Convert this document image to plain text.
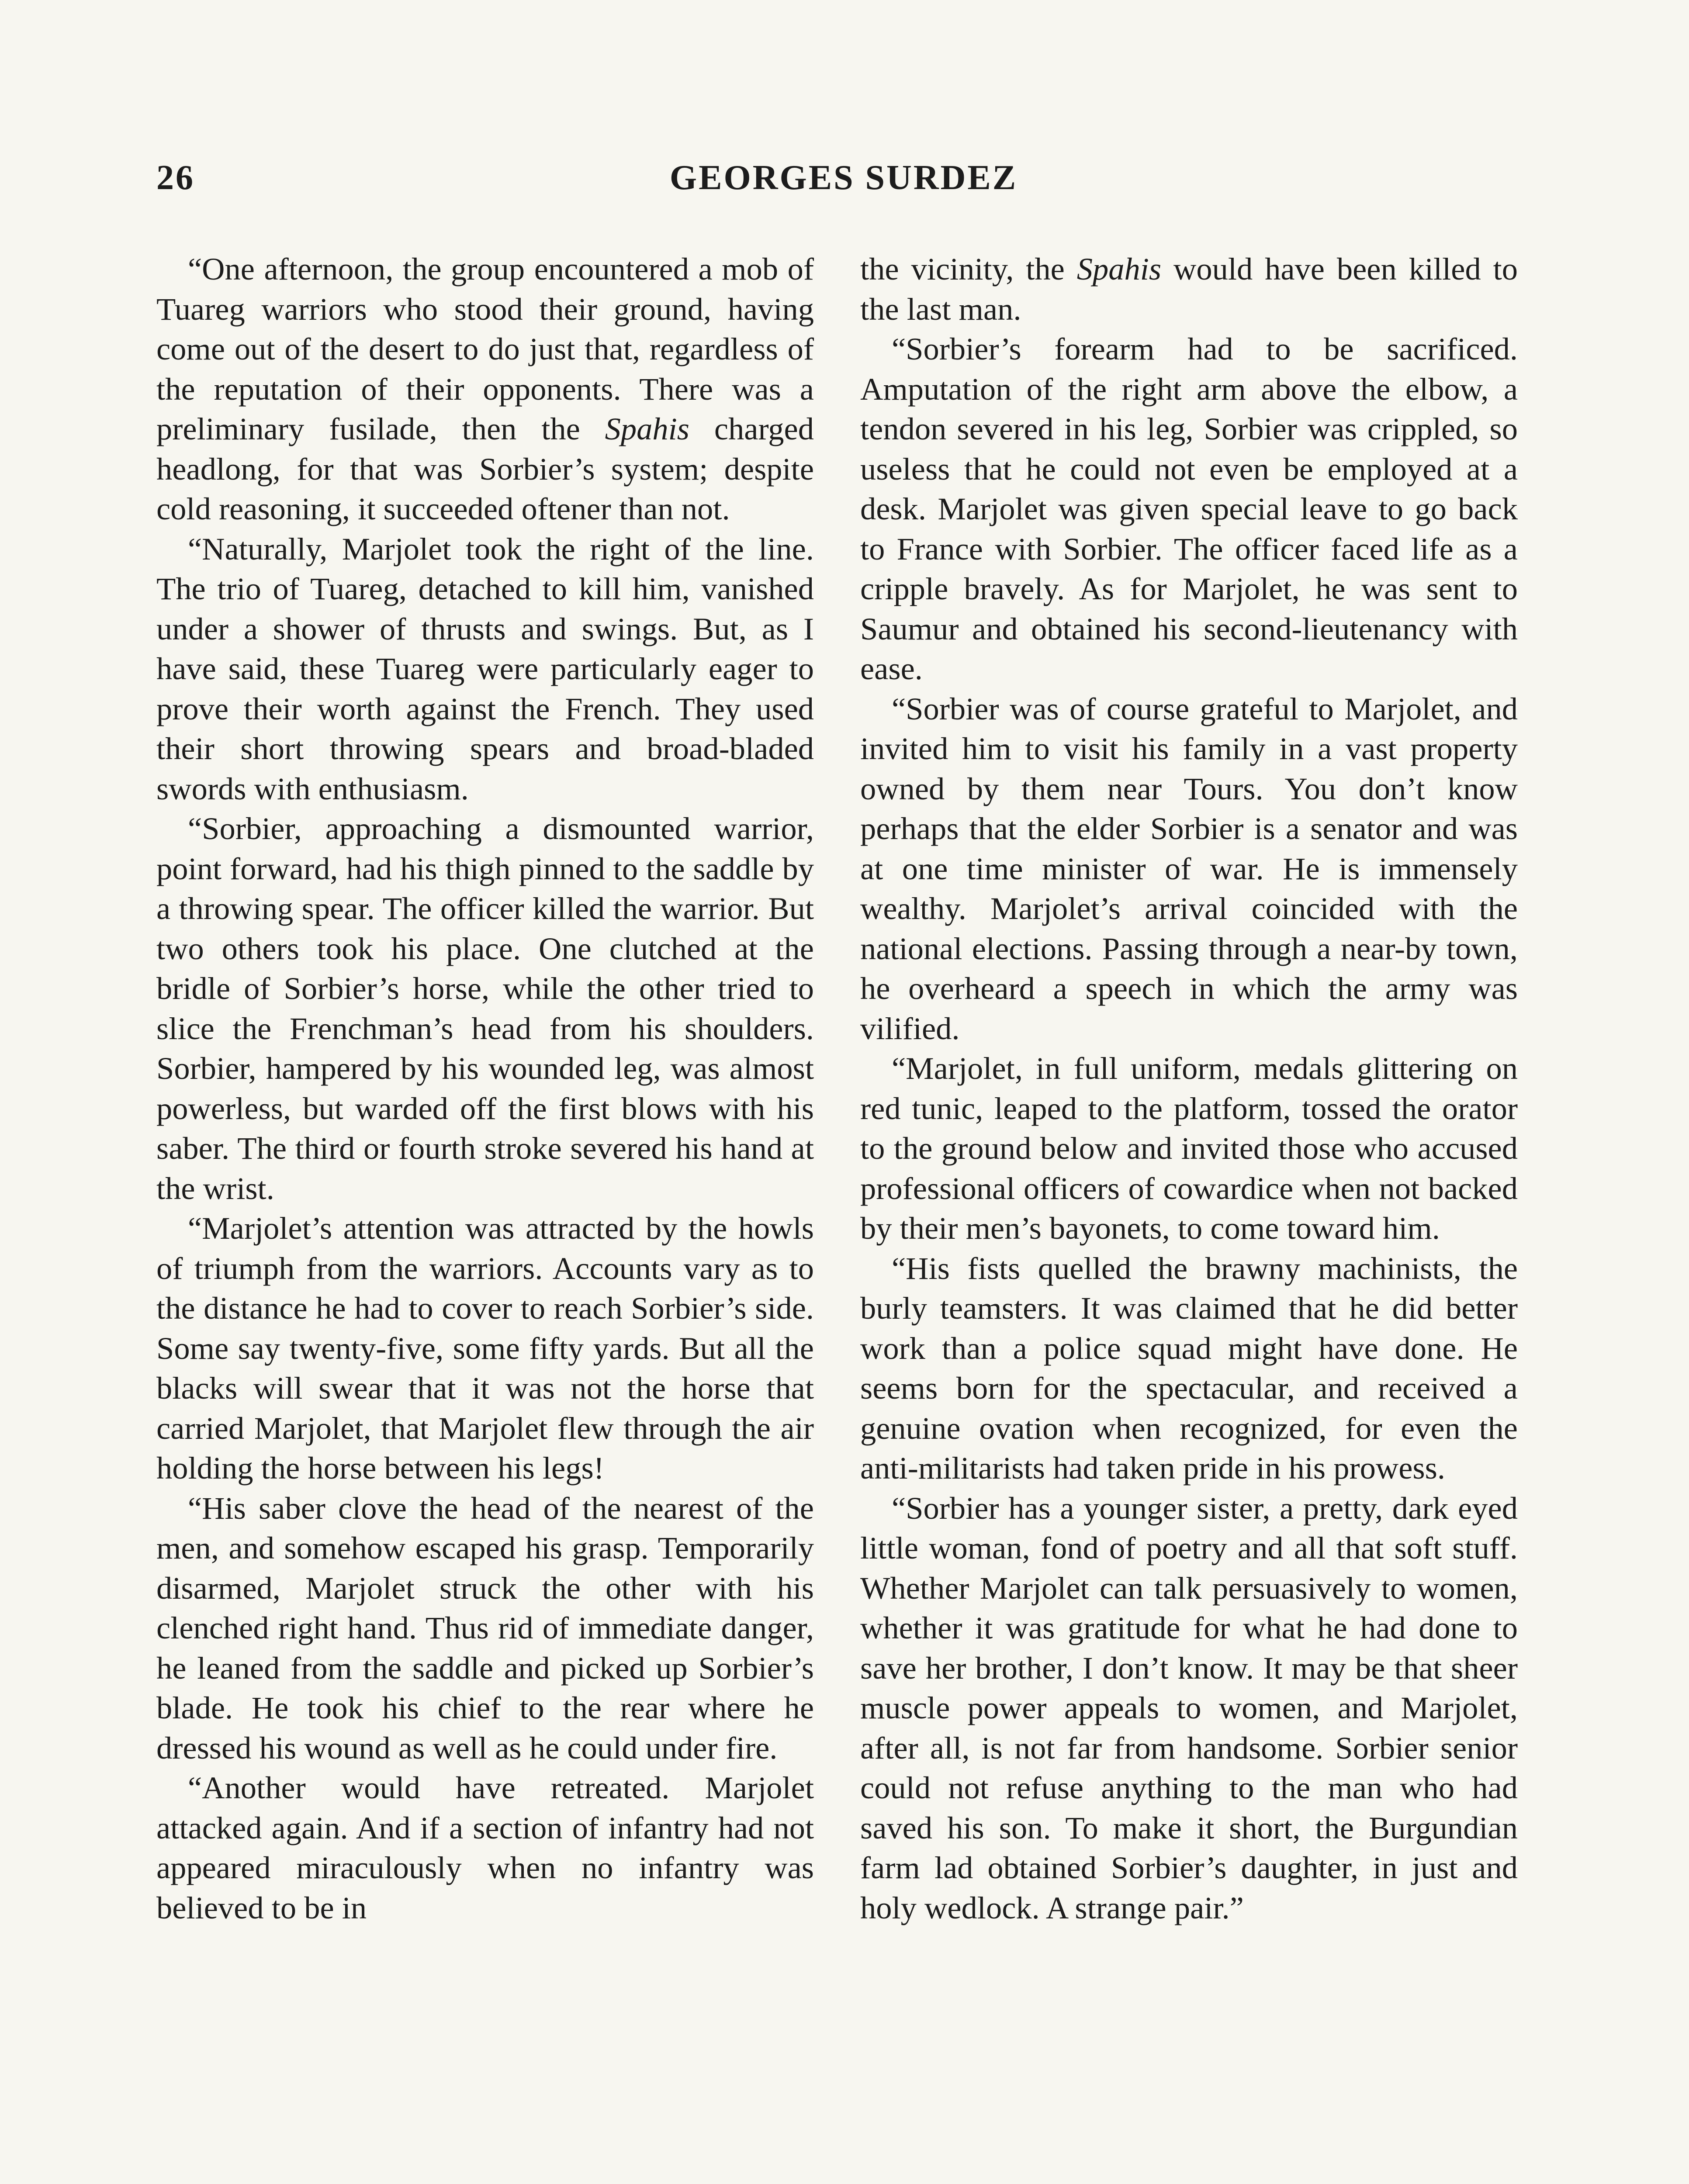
26	GEORGES SURDEZ

“One afternoon, the group encountered a mob of Tuareg warriors who stood their ground, having come out of the desert to do just that, regardless of the reputation of their opponents. There was a preliminary fusilade, then the Spahis charged headlong, for that was Sorbier’s system; despite cold reasoning, it succeeded oftener than not.

“Naturally, Marjolet took the right of the line. The trio of Tuareg, detached to kill him, vanished under a shower of thrusts and swings. But, as I have said, these Tuareg were particularly eager to prove their worth against the French. They used their short throwing spears and broad-bladed swords with enthusiasm.

“Sorbier, approaching a dismounted warrior, point forward, had his thigh pinned to the saddle by a throwing spear. The officer killed the warrior. But two others took his place. One clutched at the bridle of Sorbier’s horse, while the other tried to slice the Frenchman’s head from his shoulders. Sorbier, hampered by his wounded leg, was almost powerless, but warded off the first blows with his saber. The third or fourth stroke severed his hand at the wrist.

“Marjolet’s attention was attracted by the howls of triumph from the warriors. Accounts vary as to the distance he had to cover to reach Sorbier’s side. Some say twenty-five, some fifty yards. But all the blacks will swear that it was not the horse that carried Marjolet, that Marjolet flew through the air holding the horse between his legs!

“His saber clove the head of the nearest of the men, and somehow escaped his grasp. Temporarily disarmed, Marjolet struck the other with his clenched right hand. Thus rid of immediate danger, he leaned from the saddle and picked up Sorbier’s blade. He took his chief to the rear where he dressed his wound as well as he could under fire.

“Another would have retreated. Marjolet attacked again. And if a section of infantry had not appeared miraculously when no infantry was believed to be in

the vicinity, the Spahis would have been killed to the last man.

“Sorbier’s forearm had to be sacrificed. Amputation of the right arm above the elbow, a tendon severed in his leg, Sorbier was crippled, so useless that he could not even be employed at a desk. Marjolet was given special leave to go back to France with Sorbier. The officer faced life as a cripple bravely. As for Marjolet, he was sent to Saumur and obtained his second-lieutenancy with ease.

“Sorbier was of course grateful to Marjolet, and invited him to visit his family in a vast property owned by them near Tours. You don’t know perhaps that the elder Sorbier is a senator and was at one time minister of war. He is immensely wealthy. Marjolet’s arrival coincided with the national elections. Passing through a near-by town, he overheard a speech in which the army was vilified.

“Marjolet, in full uniform, medals glittering on red tunic, leaped to the platform, tossed the orator to the ground below and invited those who accused professional officers of cowardice when not backed by their men’s bayonets, to come toward him.

“His fists quelled the brawny machinists, the burly teamsters. It was claimed that he did better work than a police squad might have done. He seems born for the spectacular, and received a genuine ovation when recognized, for even the anti-militarists had taken pride in his prowess.

“Sorbier has a younger sister, a pretty, dark eyed little woman, fond of poetry and all that soft stuff. Whether Marjolet can talk persuasively to women, whether it was gratitude for what he had done to save her brother, I don’t know. It may be that sheer muscle power appeals to women, and Marjolet, after all, is not far from handsome. Sorbier senior could not refuse anything to the man who had saved his son. To make it short, the Burgundian farm lad obtained Sorbier’s daughter, in just and holy wedlock. A strange pair.”
